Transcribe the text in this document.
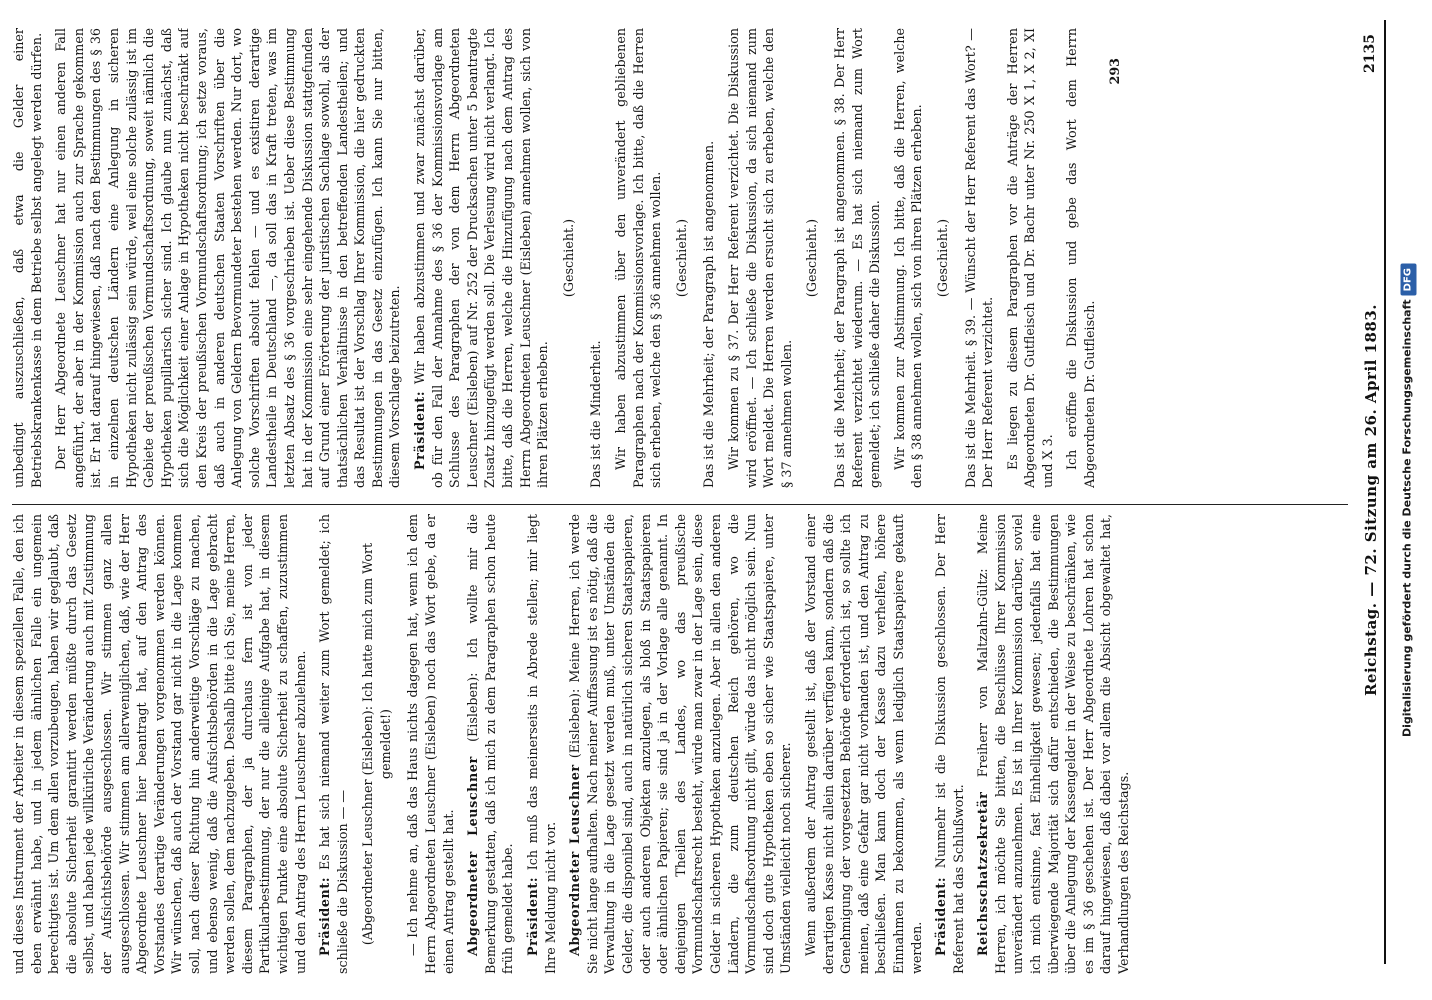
Reichstag. — 72. Sitzung am 26. April 1883.
2135

und dieses Instrument der Arbeiter in diesem speziellen Falle, den ich eben erwähnt habe, und in jedem ähnlichen Falle ein ungemein berechtigtes ist. Um dem allen vorzubeugen, haben wir geglaubt, daß die absolute Sicherheit garantirt werden müßte durch das Gesetz selbst, und haben jede willkürliche Veränderung auch mit Zustimmung der Aufsichtsbehörde ausgeschlossen. Wir stimmen ganz allen ausgeschlossen. Wir stimmen am allerweniglichen, daß, wie der Herr Abgeordnete Leuschner hier beantragt hat, auf den Antrag des Vorstandes derartige Veränderungen vorgenommen werden können. Wir wünschen, daß auch der Vorstand gar nicht in die Lage kommen soll, nach dieser Richtung hin anderweitige Vorschläge zu machen, und ebenso wenig, daß die Aufsichtsbehörden in die Lage gebracht werden sollen, dem nachzugeben. Deshalb bitte ich Sie, meine Herren, diesem Paragraphen, der ja durchaus fern ist von jeder Partikularbestimmung, der nur die alleinige Aufgabe hat, in diesem wichtigen Punkte eine absolute Sicherheit zu schaffen, zuzustimmen und den Antrag des Herrn Leuschner abzulehnen. Präsident: Es hat sich niemand weiter zum Wort gemeldet; ich schließe die Diskussion — — (Abgeordneter Leuschner (Eisleben): Ich hatte mich zum Wort gemeldet!) — Ich nehme an, daß das Haus nichts dagegen hat, wenn ich dem Herrn Abgeordneten Leuschner (Eisleben) noch das Wort gebe, da er einen Antrag gestellt hat. Abgeordneter Leuschner (Eisleben): Ich wollte mir die Bemerkung gestatten, daß ich mich zu dem Paragraphen schon heute früh gemeldet habe. Präsident: Ich muß das meinerseits in Abrede stellen; mir liegt Ihre Meldung nicht vor. Abgeordneter Leuschner (Eisleben): Meine Herren, ich werde Sie nicht lange aufhalten. Nach meiner Auffassung ist es nötig, daß die Verwaltung in die Lage gesetzt werden muß, unter Umständen die Gelder, die disponibel sind, auch in natürlich sicheren Staatspapieren, oder auch anderen Objekten anzulegen, als bloß in Staatspapieren oder ähnlichen Papieren; sie sind ja in der Vorlage alle genannt. In denjenigen Theilen des Landes, wo das preußische Vormundschaftsrecht besteht, würde man zwar in der Lage sein, diese Gelder in sicheren Hypotheken anzulegen. Aber in allen den anderen Ländern, die zum deutschen Reich gehören, wo die Vormundschaftsordnung nicht gilt, würde das nicht möglich sein. Nun sind doch gute Hypotheken eben so sicher wie Staatspapiere, unter Umständen vielleicht noch sicherer. Wenn außerdem der Antrag gestellt ist, daß der Vorstand einer derartigen Kasse nicht allein darüber verfügen kann, sondern daß die Genehmigung der vorgesetzten Behörde erforderlich ist, so sollte ich meinen, daß eine Gefahr gar nicht vorhanden ist, und den Antrag zu beschließen. Man kann doch der Kasse dazu verhelfen, höhere Einnahmen zu bekommen, als wenn lediglich Staatspapiere gekauft werden. Präsident: Nunmehr ist die Diskussion geschlossen. Der Herr Referent hat das Schlußwort. Reichsschatzsekretär Freiherr von Maltzahn-Gültz: Meine Herren, ich möchte Sie bitten, die Beschlüsse Ihrer Kommission unverändert anzunehmen. Es ist in Ihrer Kommission darüber, soviel ich mich entsinne, fast Einhelligkeit gewesen; jedenfalls hat eine überwiegende Majorität sich dafür entschieden, die Bestimmungen über die Anlegung der Kassengelder in der Weise zu beschränken, wie es im § 36 geschehen ist. Der Herr Abgeordnete Lohren hat schon darauf hingewiesen, daß dabei vor allem die Absicht obgewaltet hat, Verhandlungen des Reichstags.

unbedingt auszuschließen, daß etwa die Gelder einer Betriebskrankenkasse in dem Betriebe selbst angelegt werden dürfen. Der Herr Abgeordnete Leuschner hat nur einen anderen Fall angeführt, der aber in der Kommission auch zur Sprache gekommen ist. Er hat darauf hingewiesen, daß nach den Bestimmungen des § 36 in einzelnen deutschen Ländern eine Anlegung in sicheren Hypotheken nicht zulässig sein würde, weil eine solche zulässig ist im Gebiete der preußischen Vormundschaftsordnung, soweit nämlich die Hypotheken pupillarisch sicher sind. Ich glaube nun zunächst, daß sich die Möglichkeit einer Anlage in Hypotheken nicht beschränkt auf den Kreis der preußischen Vormundschaftsordnung; ich setze voraus, daß auch in anderen deutschen Staaten Vorschriften über die Anlegung von Geldern Bevormundeter bestehen werden. Nur dort, wo solche Vorschriften absolut fehlen — und es existiren derartige Landestheile in Deutschland —, da soll das in Kraft treten, was im letzten Absatz des § 36 vorgeschrieben ist. Ueber diese Bestimmung hat in der Kommission eine sehr eingehende Diskussion stattgefunden auf Grund einer Erörterung der juristischen Sachlage sowohl, als der thatsächlichen Verhältnisse in den betreffenden Landestheilen; und das Resultat ist der Vorschlag Ihrer Kommission, die hier gedruckten Bestimmungen in das Gesetz einzufügen. Ich kann Sie nur bitten, diesem Vorschlage beizutreten. Präsident: Wir haben abzustimmen und zwar zunächst darüber, ob für den Fall der Annahme des § 36 der Kommissionsvorlage am Schlusse des Paragraphen der von dem Herrn Abgeordneten Leuschner (Eisleben) auf Nr. 252 der Drucksachen unter 5 beantragte Zusatz hinzugefügt werden soll. Die Verlesung wird nicht verlangt. Ich bitte, daß die Herren, welche die Hinzufügung nach dem Antrag des Herrn Abgeordneten Leuschner (Eisleben) annehmen wollen, sich von ihren Plätzen erheben.

(Geschieht.)

Das ist die Minderheit. Wir haben abzustimmen über den unverändert gebliebenen Paragraphen nach der Kommissionsvorlage. Ich bitte, daß die Herren sich erheben, welche den § 36 annehmen wollen. (Geschieht.) Das ist die Mehrheit; der Paragraph ist angenommen. Wir kommen zu § 37. Der Herr Referent verzichtet. Die Diskussion wird eröffnet. — Ich schließe die Diskussion, da sich niemand zum Wort meldet. Die Herren werden ersucht sich zu erheben, welche den § 37 annehmen wollen.

(Geschieht.) Das ist die Mehrheit; der Paragraph ist angenommen. § 38. Der Herr Referent verzichtet wiederum. — Es hat sich niemand zum Wort gemeldet; ich schließe daher die Diskussion. Wir kommen zur Abstimmung. Ich bitte, daß die Herren, welche den § 38 annehmen wollen, sich von ihren Plätzen erheben. (Geschieht.) Das ist die Mehrheit. § 39. — Wünscht der Herr Referent das Wort? — Der Herr Referent verzichtet. Es liegen zu diesem Paragraphen vor die Anträge der Herren Abgeordneten Dr. Gutfleisch und Dr. Bachr unter Nr. 250 X 1, X 2, XI und X 3. Ich eröffne die Diskussion und gebe das Wort dem Herrn Abgeordneten Dr. Gutfleisch.

293

Digitalisierung gefördert durch die Deutsche ForschungsgemeinschaftDFG
